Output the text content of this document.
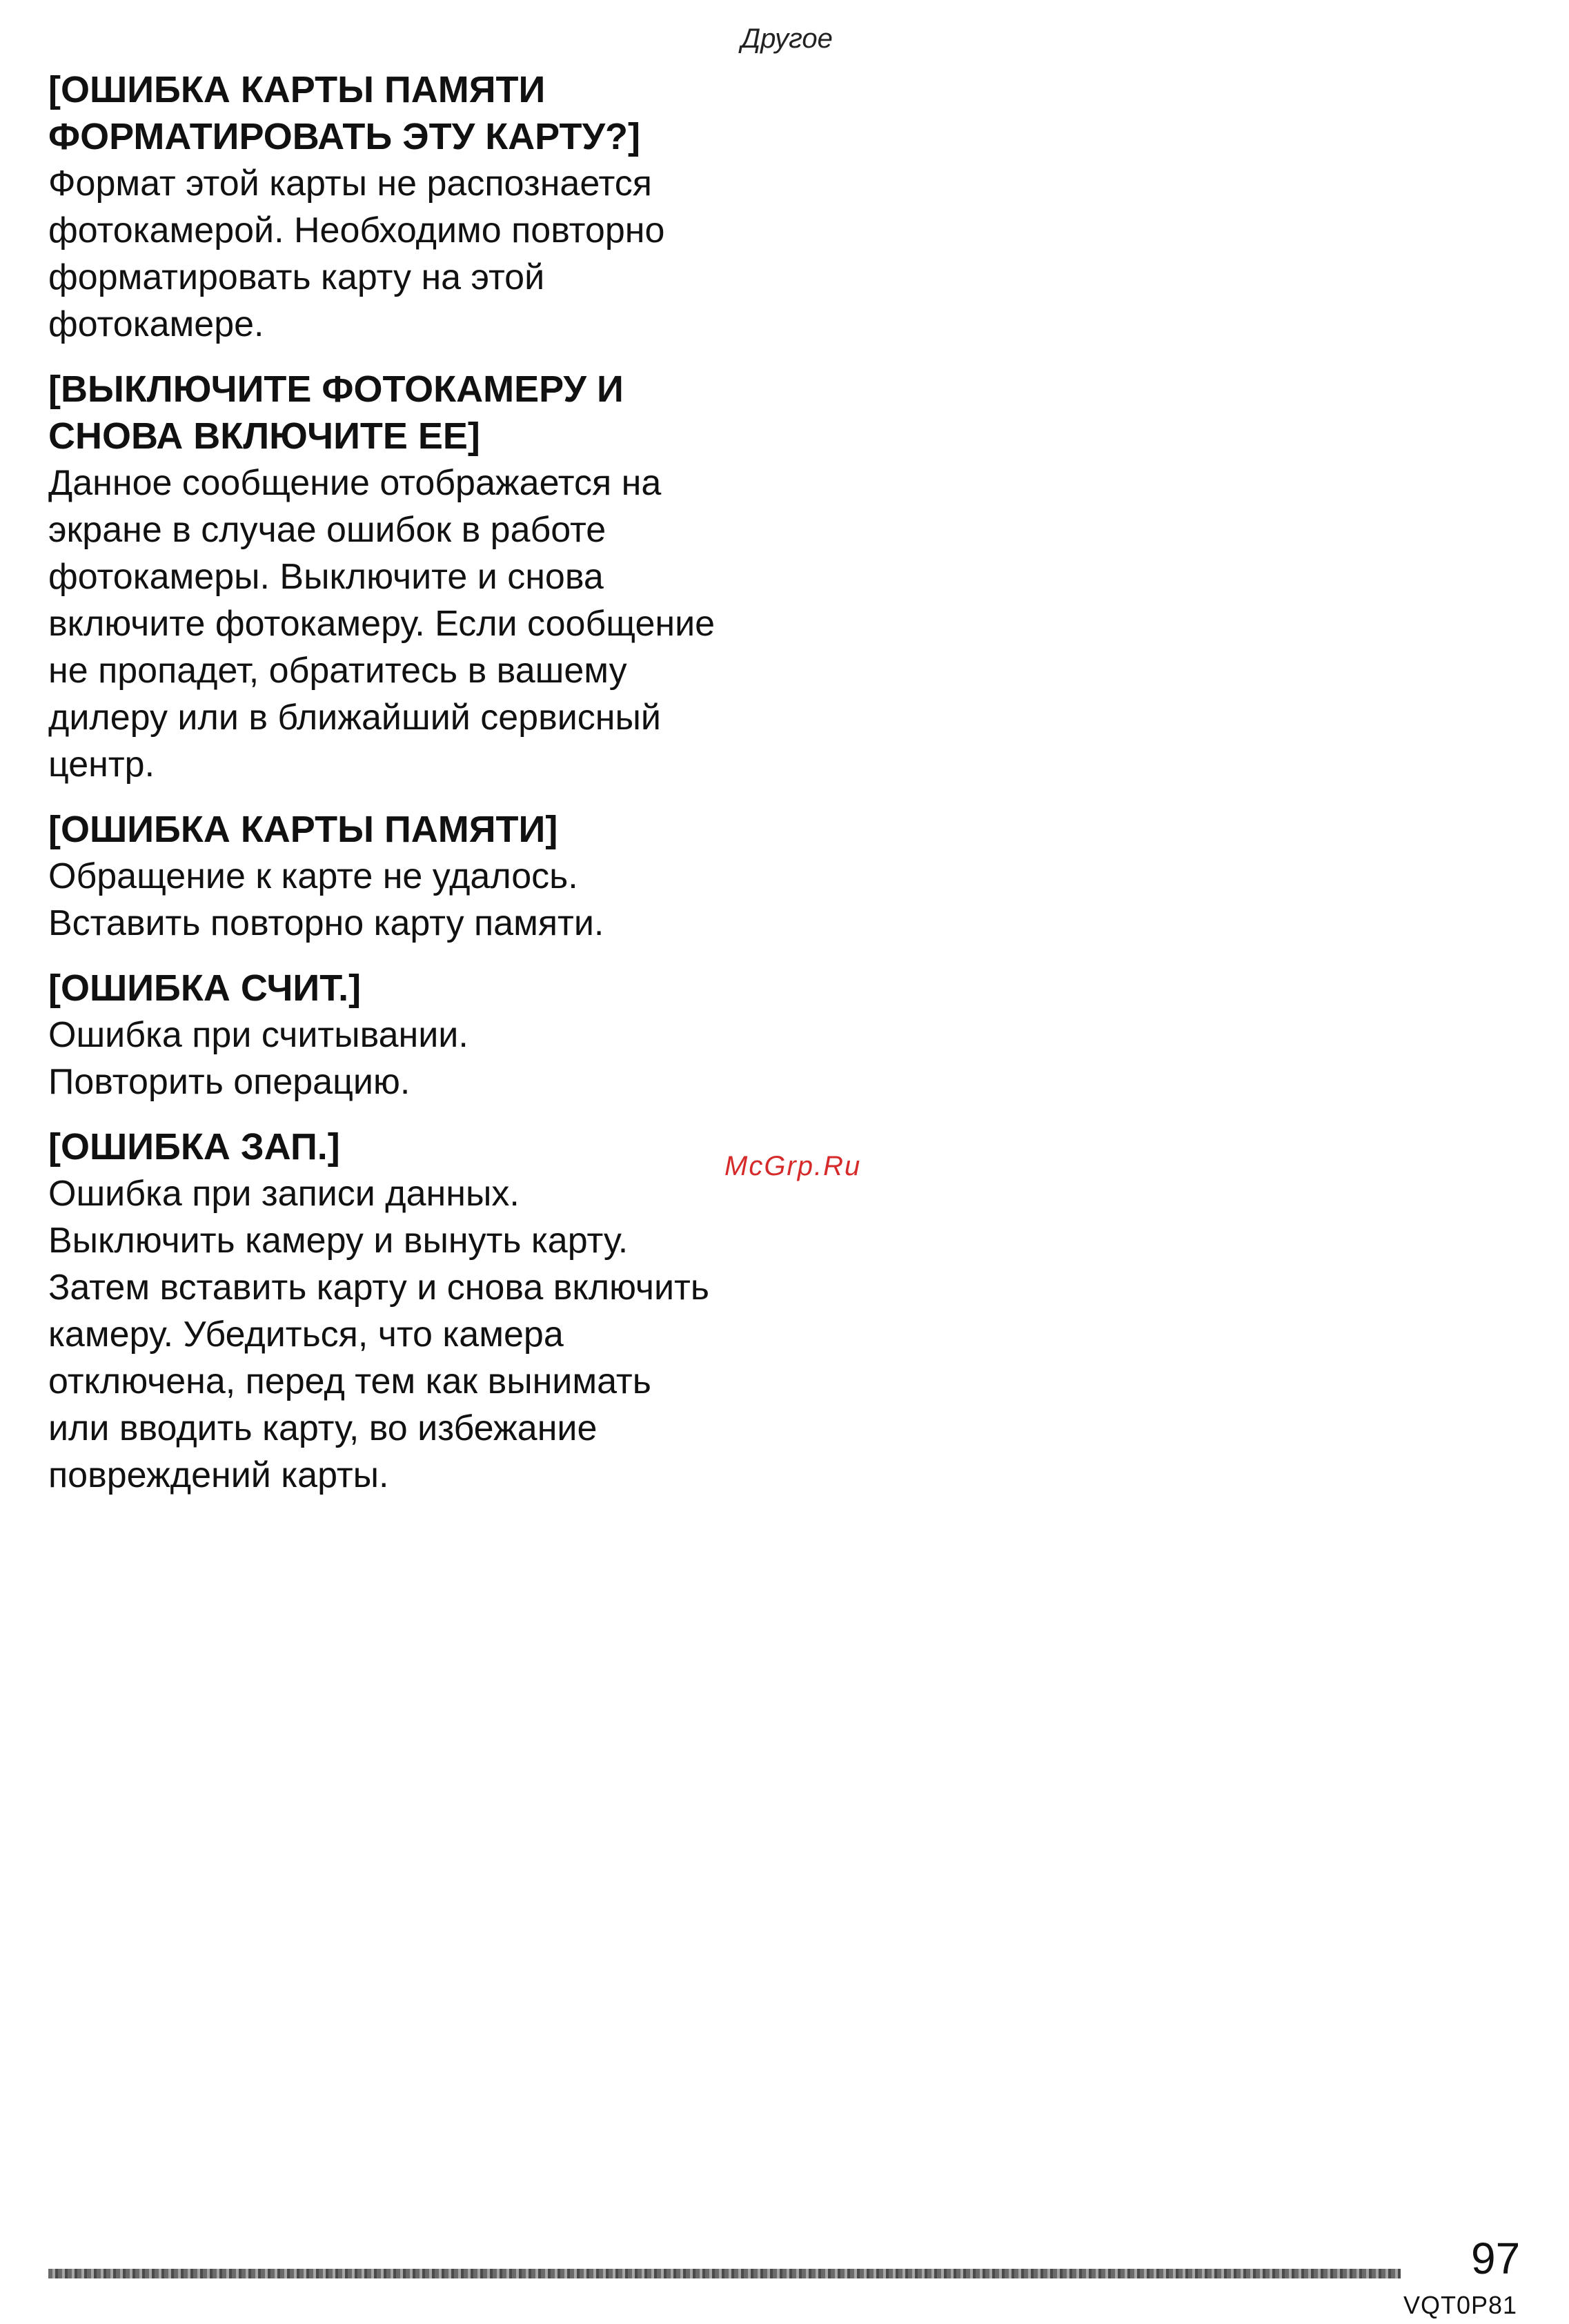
Другое

[ОШИБКА КАРТЫ ПАМЯТИ
ФОРМАТИРОВАТЬ ЭТУ КАРТУ?]

Формат этой карты не распознается
фотокамерой. Необходимо повторно
форматировать карту на этой
фотокамере.

[ВЫКЛЮЧИТЕ ФОТОКАМЕРУ И
СНОВА ВКЛЮЧИТЕ ЕЕ]

Данное сообщение отображается на
экране в случае ошибок в работе
фотокамеры. Выключите и снова
включите фотокамеру. Если сообщение
не пропадет, обратитесь в вашему
дилеру или в ближайший сервисный
центр.

[ОШИБКА КАРТЫ ПАМЯТИ]

Обращение к карте не удалось.
Вставить повторно карту памяти.

[ОШИБКА СЧИТ.]

Ошибка при считывании.
Повторить операцию.

[ОШИБКА ЗАП.]

Ошибка при записи данных.
Выключить камеру и вынуть карту.
Затем вставить карту и снова включить
камеру. Убедиться, что камера
отключена, перед тем как вынимать
или вводить карту, во избежание
повреждений карты.

McGrp.Ru
97
VQT0P81
